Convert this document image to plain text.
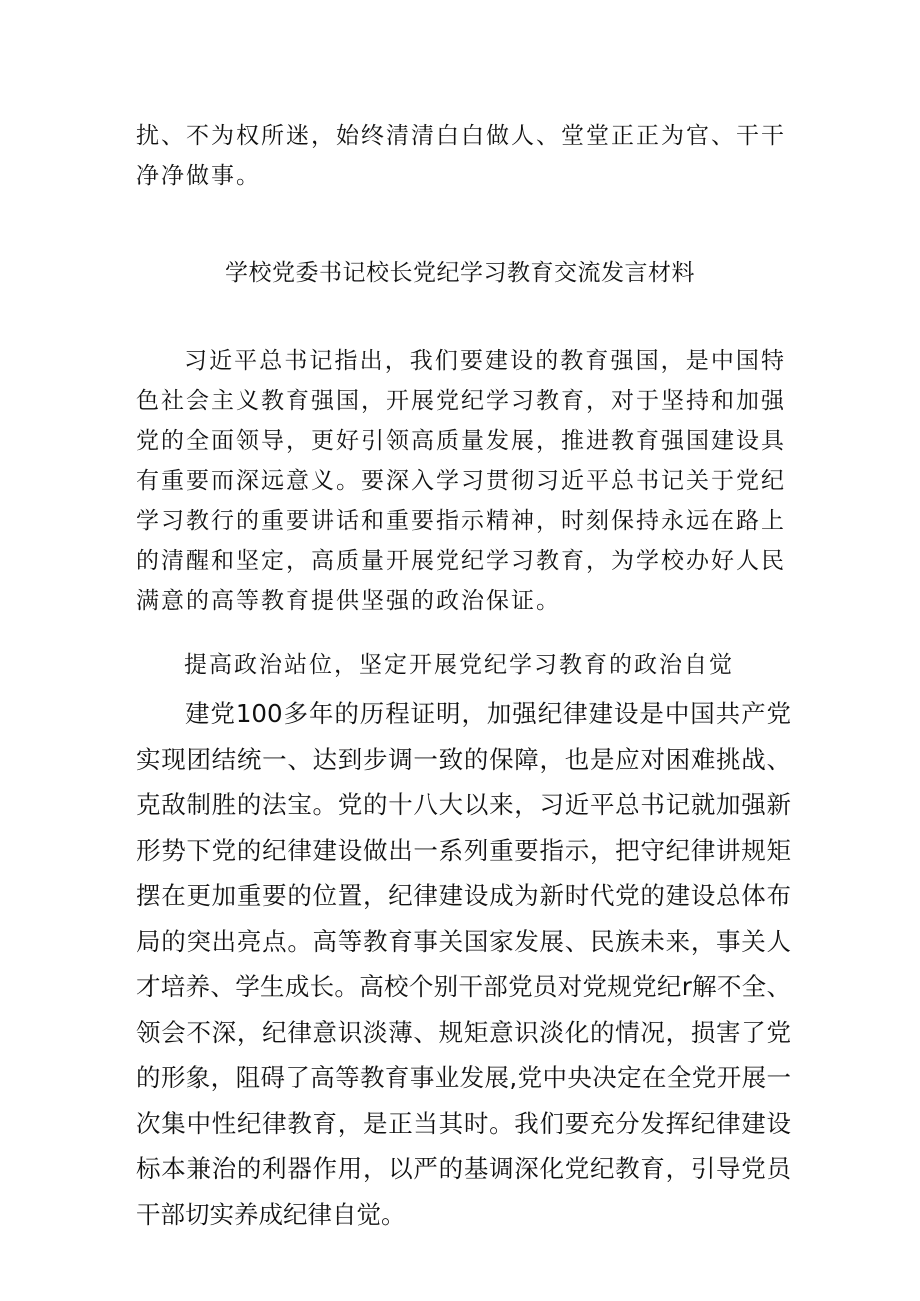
扰、不为权所迷，始终清清白白做人、堂堂正正为官、干干净净做事。

学校党委书记校长党纪学习教育交流发言材料

习近平总书记指出，我们要建设的教育强国，是中国特色社会主义教育强国，开展党纪学习教育，对于坚持和加强党的全面领导，更好引领高质量发展，推进教育强国建设具有重要而深远意义。要深入学习贯彻习近平总书记关于党纪学习教行的重要讲话和重要指示精神，时刻保持永远在路上的清醒和坚定，高质量开展党纪学习教育，为学校办好人民满意的高等教育提供坚强的政治保证。

提高政治站位，坚定开展党纪学习教育的政治自觉

建党100多年的历程证明，加强纪律建设是中国共产党实现团结统一、达到步调一致的保障，也是应对困难挑战、克敌制胜的法宝。党的十八大以来，习近平总书记就加强新形势下党的纪律建设做出一系列重要指示，把守纪律讲规矩摆在更加重要的位置，纪律建设成为新时代党的建设总体布局的突出亮点。高等教育事关国家发展、民族未来，事关人才培养、学生成长。高校个别干部党员对党规党纪r解不全、领会不深，纪律意识淡薄、规矩意识淡化的情况，损害了党的形象，阻碍了高等教育事业发展,党中央决定在全党开展一次集中性纪律教育，是正当其时。我们要充分发挥纪律建设标本兼治的利器作用，以严的基调深化党纪教育，引导党员干部切实养成纪律自觉。
